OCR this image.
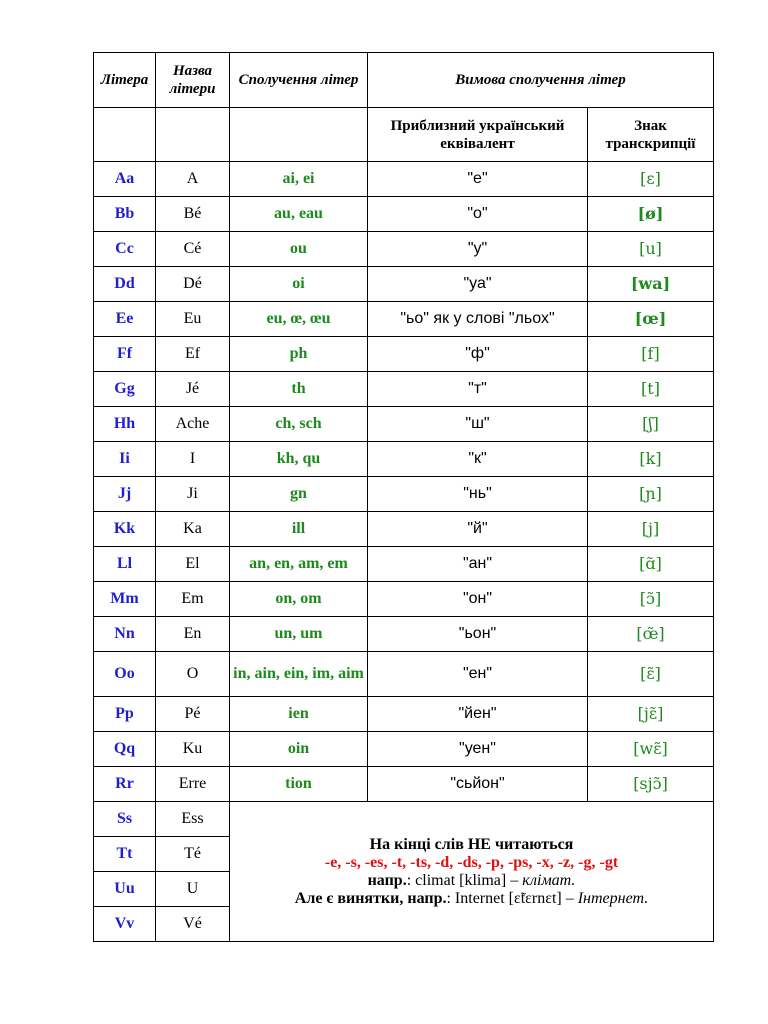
Літера	Назва літери	Сполучення літер	Вимова сполучення літер	
			Приблизний український еквівалент	Знак транскрипції
Aa	A	ai, ei	"е"	[ɛ]
Bb	Bé	au, eau	"о"	[ø]
Cc	Cé	ou	"у"	[u]
Dd	Dé	oi	"уа"	[wa]
Ee	Eu	eu, œ, œu	"ьо" як у слові "льох"	[œ]
Ff	Ef	ph	"ф"	[f]
Gg	Jé	th	"т"	[t]
Hh	Ache	ch, sch	"ш"	[ʃ]
Ii	I	kh, qu	"к"	[k]
Jj	Ji	gn	"нь"	[ɲ]
Kk	Ka	ill	"й"	[j]
Ll	El	an, en, am, em	"ан"	[ɑ̃]
Mm	Em	on, om	"он"	[ɔ̃]
Nn	En	un, um	"ьон"	[œ̃]
Oo	O	in, ain, ein, im, aim	"ен"	[ɛ̃]
Pp	Pé	ien	"йен"	[jɛ̃]
Qq	Ku	oin	"уен"	[wɛ̃]
Rr	Erre	tion	"сьйон"	[sjɔ̃]
Ss	Ess	На кінці слів НЕ читаються
-e, -s, -es, -t, -ts, -d, -ds, -p, -ps, -x, -z, -g, -gt
напр.: climat [klima] – клімат.
Але є винятки, напр.: Internet [ɛ̃tɛrnɛt] – Інтернет.		

Tt	Té			
Uu	U			
Vv	Vé			
